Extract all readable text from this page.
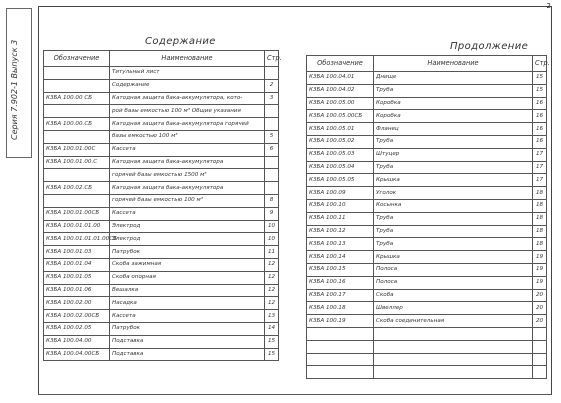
2
Серия 7.902-1 Выпуск 3	Содержание
Обозначение	Наименование	Стр.
	Титульный лист	
	Содержание	2
К3БА 100.00 СБ	Катодная защита бака-аккумулятора, кото-	3
	рой базы емкостью 100 м³ Общие указания	
К3БА 100.00.СБ	Катодная защита бака-аккумулятора горячей	
	базы емкостью 100 м³	5
К3БА 100.01.00С	Кассета	6
К3БА 100.01.00.С	Катодная защита бака-аккумулятора	
	горячей базы емкостью 1500 м³	
К3БА 100.02.СБ	Катодная защита бака-аккумулятора	
	горячей базы емкостью 100 м³	8
К3БА 100.01.00СБ	Кассета	9
К3БА 100.01.01.00	Электрод	10
К3БА 100.01.01.01.00СБ	Электрод	10
К3БА 100.01.03	Патрубок	11
К3БА 100.01.04	Скоба зажимная	12
К3БА 100.01.05	Скоба опорная	12
К3БА 100.01.06	Вешалка	12
К3БА 100.02.00	Насадка	12
К3БА 100.02.00СБ	Кассета	13
К3БА 100.02.05	Патрубок	14
К3БА 100.04.00	Подставка	15
К3БА 100.04.00СБ	Подставка	15
Продолжение
Обозначение	Наименование	Стр.
К3БА 100.04.01	Днище	15
К3БА 100.04.02	Труба	15
К3БА 100.05.00	Коробка	16
К3БА 100.05.00СБ	Коробка	16
К3БА 100.05.01	Фланец	16
К3БА 100.05.02	Труба	16
К3БА 100.05.03	Штуцер	17
К3БА 100.05.04	Труба	17
К3БА 100.05.05	Крышка	17
К3БА 100.09	Уголок	18
К3БА 100.10	Косынка	18
К3БА 100.11	Труба	18
К3БА 100.12	Труба	18
К3БА 100.13	Труба	18
К3БА 100.14	Крышка	19
К3БА 100.15	Полоса	19
К3БА 100.16	Полоса	19
К3БА 100.17	Скоба	20
К3БА 100.18	Швеллер	20
К3БА 100.19	Скоба соединительная	20
